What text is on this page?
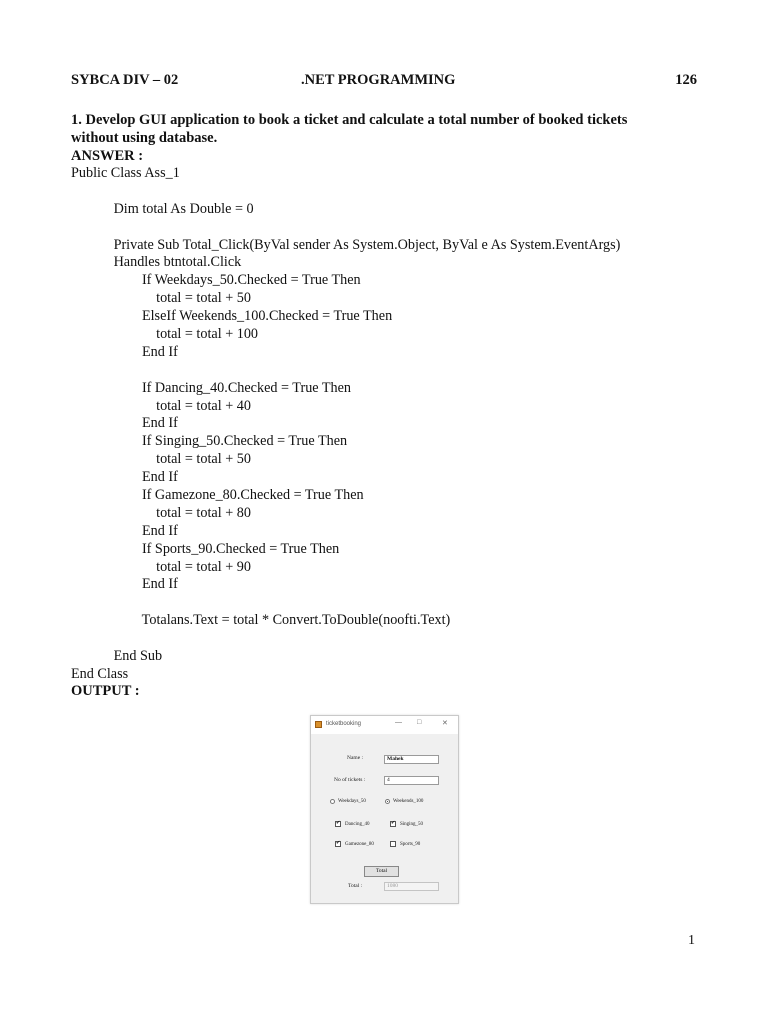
SYBCA DIV – 02	.NET PROGRAMMING	126
1. Develop GUI application to book a ticket and calculate a total number of booked tickets
without using database.
ANSWER :
Public Class Ass_1
Dim total As Double = 0
Private Sub Total_Click(ByVal sender As System.Object, ByVal e As System.EventArgs)
Handles btntotal.Click
If Weekdays_50.Checked = True Then
total = total + 50
ElseIf Weekends_100.Checked = True Then
total = total + 100
End If
If Dancing_40.Checked = True Then
total = total + 40
End If
If Singing_50.Checked = True Then
total = total + 50
End If
If Gamezone_80.Checked = True Then
total = total + 80
End If
If Sports_90.Checked = True Then
total = total + 90
End If
Totalans.Text = total * Convert.ToDouble(noofti.Text)
End Sub
End Class
OUTPUT :
ticketbooking	— □	✕
Name :	Mahek
No of tickets :	4
Weekdays_50	Weekends_100
✔ Dancing_40	✔ Singing_50
✔ Gamezone_80	Sports_90
Total
Total :	1080
1
